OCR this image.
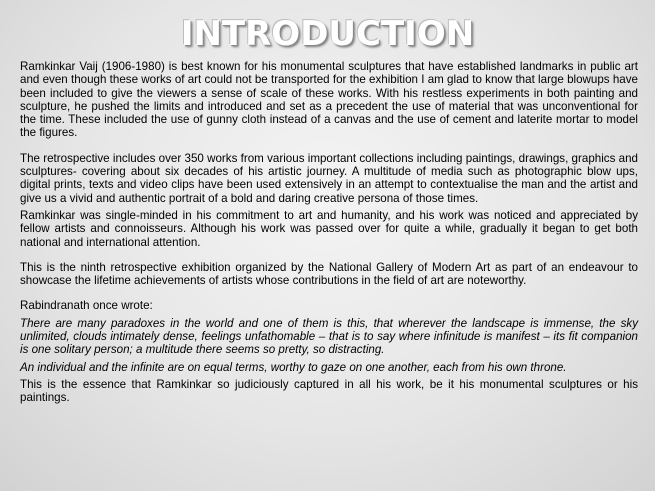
INTRODUCTION

Ramkinkar Vaij (1906-1980) is best known for his monumental sculptures that have established landmarks in public art and even though these works of art could not be transported for the exhibition I am glad to know that large blowups have been included to give the viewers a sense of scale of these works. With his restless experiments in both painting and sculpture, he pushed the limits and introduced and set as a precedent the use of material that was unconventional for the time. These included the use of gunny cloth instead of a canvas and the use of cement and laterite mortar to model the figures.

The retrospective includes over 350 works from various important collections including paintings, drawings, graphics and sculptures- covering about six decades of his artistic journey. A multitude of media such as photographic blow ups, digital prints, texts and video clips have been used extensively in an attempt to contextualise the man and the artist and give us a vivid and authentic portrait of a bold and daring creative persona of those times.

Ramkinkar was single-minded in his commitment to art and humanity, and his work was noticed and appreciated by fellow artists and connoisseurs. Although his work was passed over for quite a while, gradually it began to get both national and international attention.

This is the ninth retrospective exhibition organized by the National Gallery of Modern Art as part of an endeavour to showcase the lifetime achievements of artists whose contributions in the field of art are noteworthy.

Rabindranath once wrote:

There are many paradoxes in the world and one of them is this, that wherever the landscape is immense, the sky unlimited, clouds intimately dense, feelings unfathomable – that is to say where infinitude is manifest – its fit companion is one solitary person; a multitude there seems so pretty, so distracting.

An individual and the infinite are on equal terms, worthy to gaze on one another, each from his own throne.

This is the essence that Ramkinkar so judiciously captured in all his work, be it his monumental sculptures or his paintings.
